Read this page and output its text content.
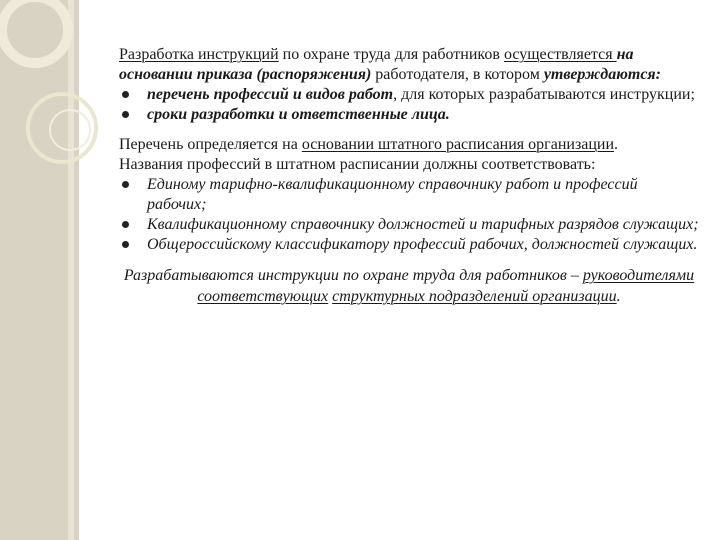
Разработка инструкций по охране труда для работников осуществляется на основании приказа (распоряжения) работодателя, в котором утверждаются:

перечень профессий и видов работ, для которых разрабатываются инструкции;
сроки разработки и ответственные лица.

Перечень определяется на основании штатного расписания организации.

Названия профессий в штатном расписании должны соответствовать:

Единому тарифно-квалификационному справочнику работ и профессий рабочих;
Квалификационному справочнику должностей и тарифных разрядов служащих;
Общероссийскому классификатору профессий рабочих, должностей служащих.

Разрабатываются инструкции по охране труда для работников – руководителями соответствующих структурных подразделений организации.
